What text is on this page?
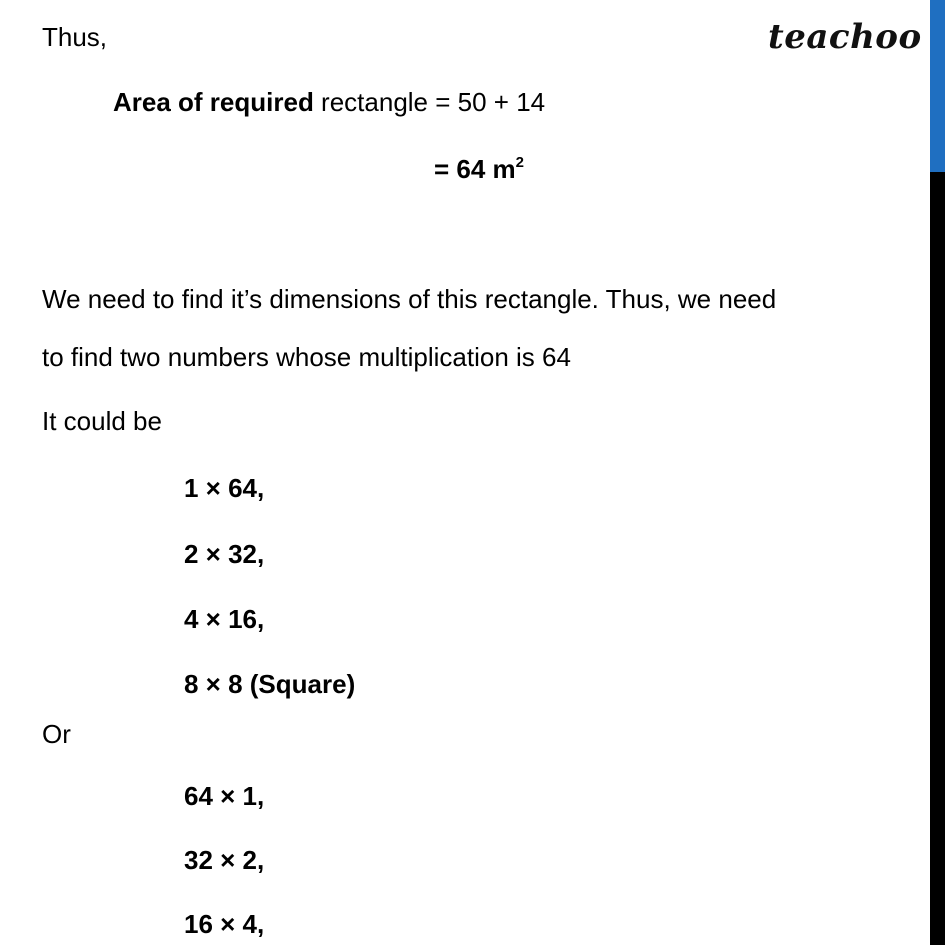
teachoo
Thus,
Area of required rectangle = 50 + 14
= 64 $m^2$
We need to find it’s dimensions of this rectangle. Thus, we need
to find two numbers whose multiplication is 64
It could be
1 × 64,
2 × 32,
4 × 16,
8 × 8 (Square)
Or
64 × 1,
32 × 2,
16 × 4,
